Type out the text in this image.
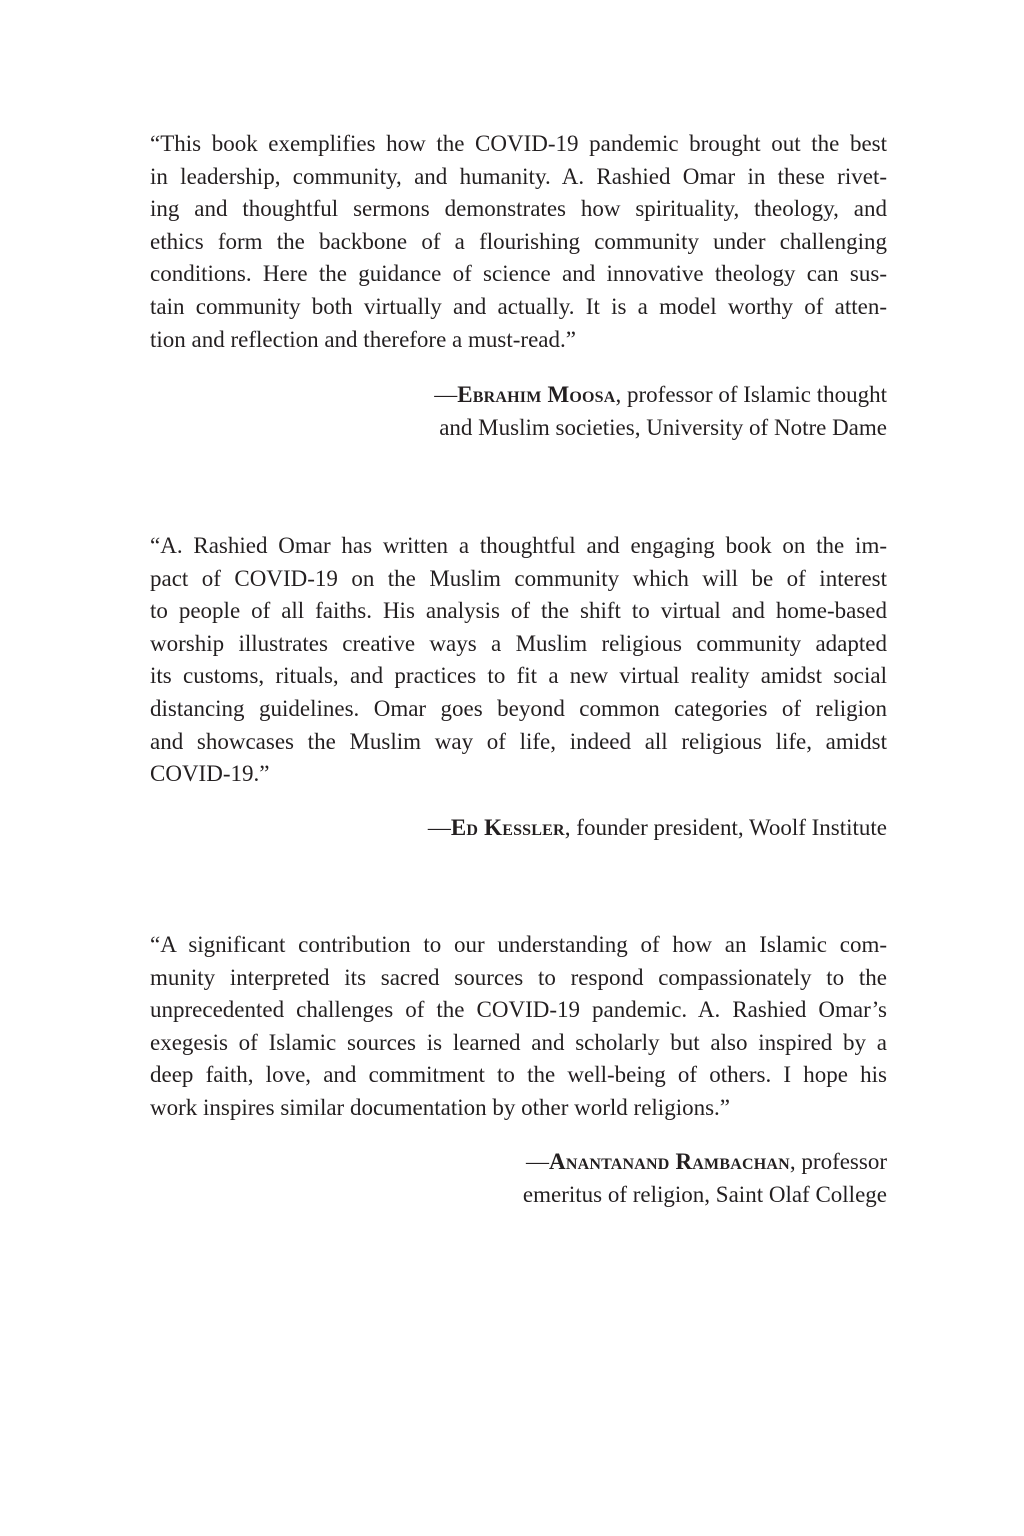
“This book exemplifies how the COVID-19 pandemic brought out the best
in leadership, community, and humanity. A. Rashied Omar in these rivet-
ing and thoughtful sermons demonstrates how spirituality, theology, and
ethics form the backbone of a flourishing community under challenging
conditions. Here the guidance of science and innovative theology can sus-
tain community both virtually and actually. It is a model worthy of atten-
tion and reflection and therefore a must-read.”

—Ebrahim Moosa, professor of Islamic thought
and Muslim societies, University of Notre Dame

“A. Rashied Omar has written a thoughtful and engaging book on the im-
pact of COVID-19 on the Muslim community which will be of interest
to people of all faiths. His analysis of the shift to virtual and home-based
worship illustrates creative ways a Muslim religious community adapted
its customs, rituals, and practices to fit a new virtual reality amidst social
distancing guidelines. Omar goes beyond common categories of religion
and showcases the Muslim way of life, indeed all religious life, amidst
COVID-19.”

—Ed Kessler, founder president, Woolf Institute

“A significant contribution to our understanding of how an Islamic com-
munity interpreted its sacred sources to respond compassionately to the
unprecedented challenges of the COVID-19 pandemic. A. Rashied Omar’s
exegesis of Islamic sources is learned and scholarly but also inspired by a
deep faith, love, and commitment to the well-being of others. I hope his
work inspires similar documentation by other world religions.”

—Anantanand Rambachan, professor
emeritus of religion, Saint Olaf College
